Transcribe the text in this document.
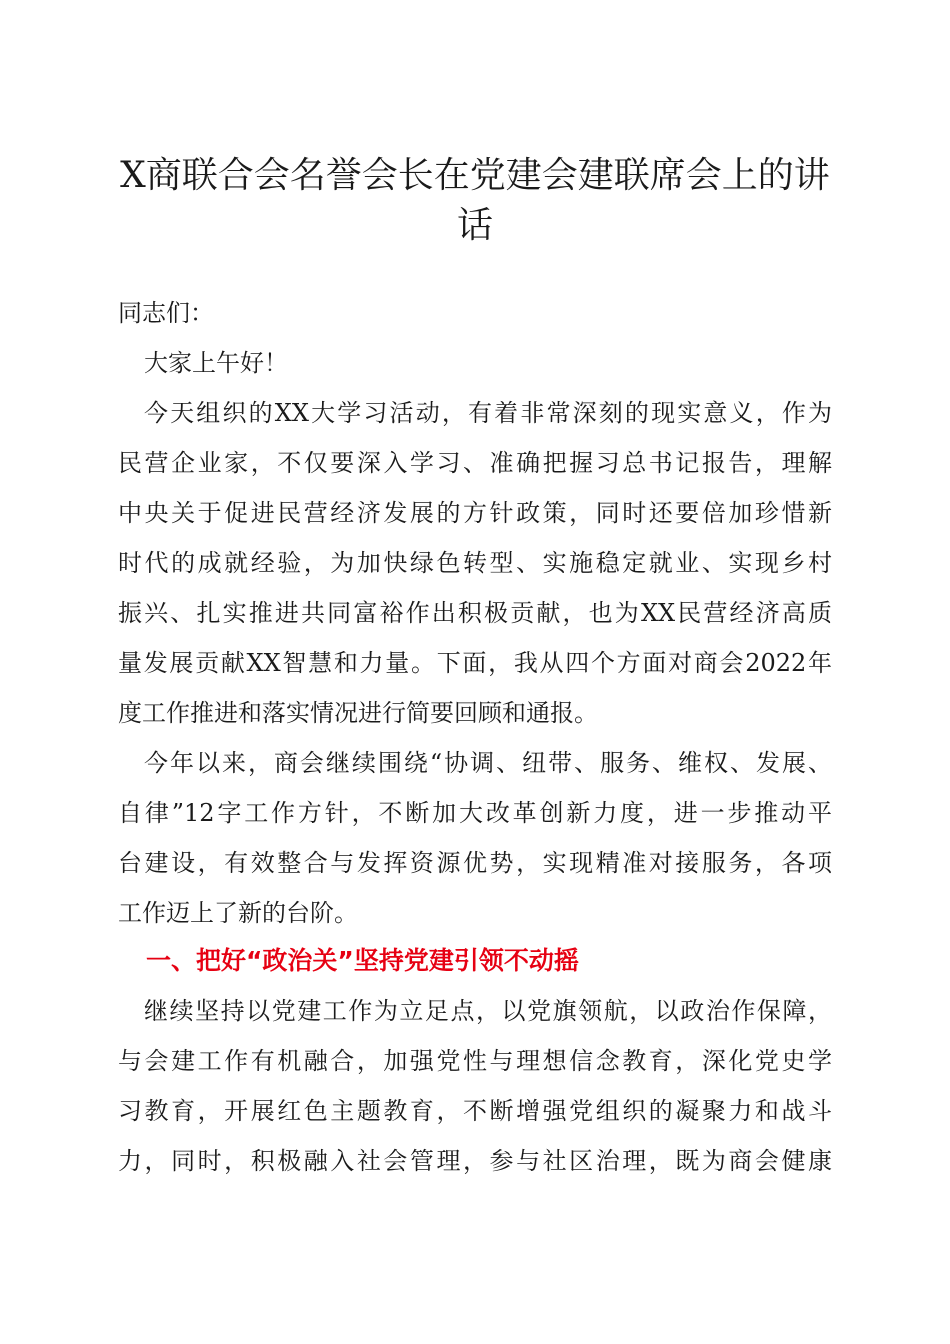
X商联合会名誉会长在党建会建联席会上的讲
话
同志们：
大家上午好！
今天组织的XX大学习活动，有着非常深刻的现实意义，作为
民营企业家，不仅要深入学习、准确把握习总书记报告，理解
中央关于促进民营经济发展的方针政策，同时还要倍加珍惜新
时代的成就经验，为加快绿色转型、实施稳定就业、实现乡村
振兴、扎实推进共同富裕作出积极贡献，也为XX民营经济高质
量发展贡献XX智慧和力量。下面，我从四个方面对商会2022年
度工作推进和落实情况进行简要回顾和通报。
今年以来，商会继续围绕“协调、纽带、服务、维权、发展、
自律”12字工作方针，不断加大改革创新力度，进一步推动平
台建设，有效整合与发挥资源优势，实现精准对接服务，各项
工作迈上了新的台阶。
一、把好“政治关”坚持党建引领不动摇
继续坚持以党建工作为立足点，以党旗领航，以政治作保障，
与会建工作有机融合，加强党性与理想信念教育，深化党史学
习教育，开展红色主题教育，不断增强党组织的凝聚力和战斗
力，同时，积极融入社会管理，参与社区治理，既为商会健康
